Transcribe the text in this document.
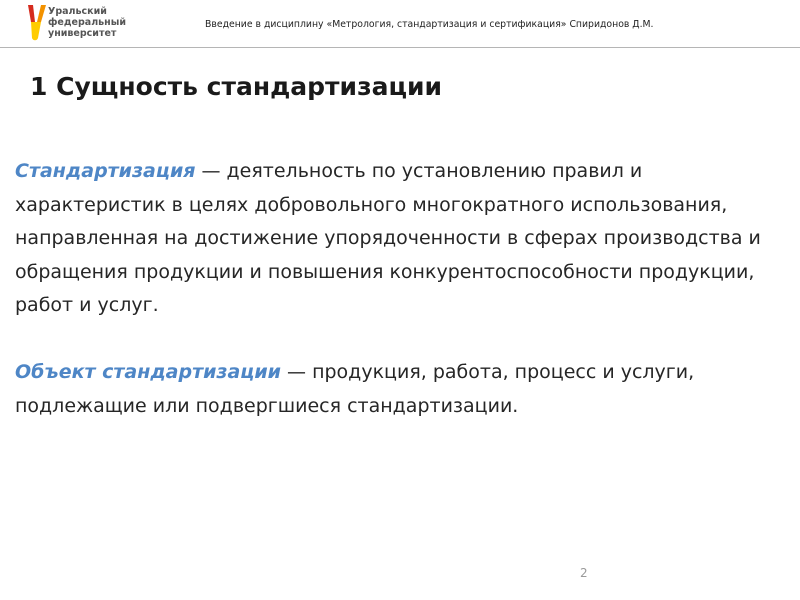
Уральский
федеральный
университет
Введение в дисциплину «Метрология, стандартизация и сертификация» Спиридонов Д.М.
1 Сущность стандартизации

Стандартизация — деятельность по установлению правил и характеристик в целях добровольного многократного использования, направленная на достижение упорядоченности в сферах производства и обращения продукции и повышения конкурентоспособности продукции, работ и услуг.

Объект стандартизации — продукция, работа, процесс и услуги, подлежащие или подвергшиеся стандартизации.

2
